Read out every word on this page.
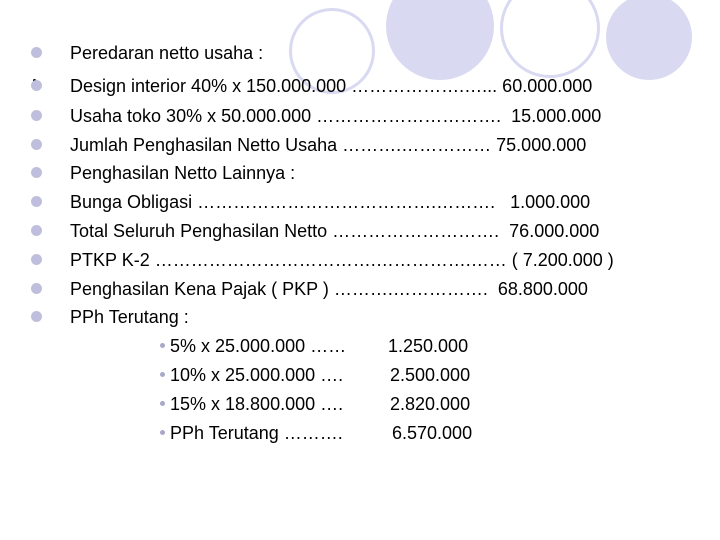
Peredaran netto usaha :
Design interior 40% x 150.000.000 ……………….…... 60.000.000
Usaha toko 30% x 50.000.000 ………………………….  15.000.000
Jumlah Penghasilan Netto Usaha ……….…………… 75.000.000
Penghasilan Netto Lainnya :
Bunga Obligasi ………………………………….……….   1.000.000
Total Seluruh Penghasilan Netto ……………………….  76.000.000
PTKP K-2 ……………………………….…………….…… ( 7.200.000 )
Penghasilan Kena Pajak ( PKP ) ……….…………….  68.800.000
PPh Terutang :
5% x 25.000.000 …… 1.250.000
10% x 25.000.000 ….	2.500.000
15% x 18.800.000 ….	2.820.000
PPh Terutang ……….	6.570.000
